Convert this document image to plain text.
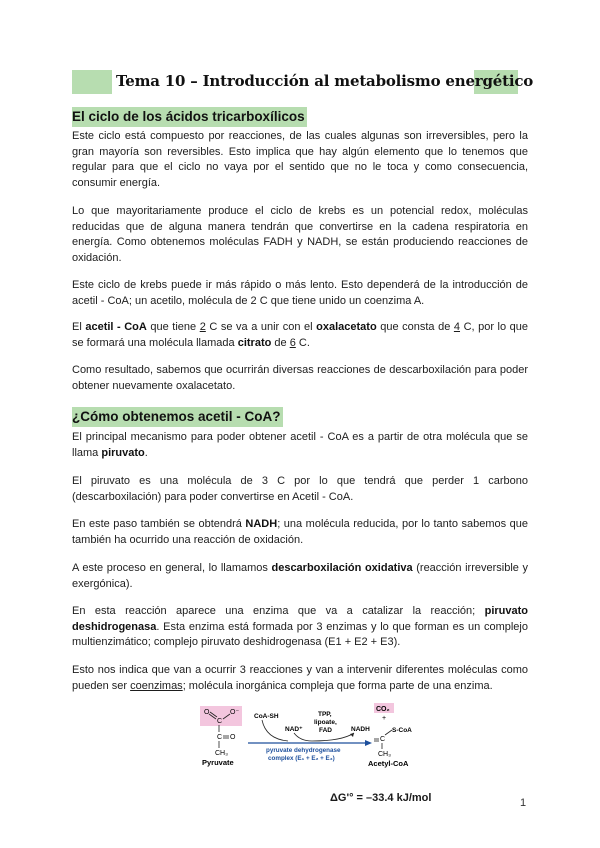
Tema 10 – Introducción al metabolismo energético
El ciclo de los ácidos tricarboxílicos
Este ciclo está compuesto por reacciones, de las cuales algunas son irreversibles, pero la gran mayoría son reversibles. Esto implica que hay algún elemento que lo tenemos que regular para que el ciclo no vaya por el sentido que no le toca y como consecuencia, consumir energía.
Lo que mayoritariamente produce el ciclo de krebs es un potencial redox, moléculas reducidas que de alguna manera tendrán que convertirse en la cadena respiratoria en energía. Como obtenemos moléculas FADH y NADH, se están produciendo reacciones de oxidación.
Este ciclo de krebs puede ir más rápido o más lento. Esto dependerá de la introducción de acetil - CoA; un acetilo, molécula de 2 C que tiene unido un coenzima A.
El acetil - CoA que tiene 2 C se va a unir con el oxalacetato que consta de 4 C, por lo que se formará una molécula llamada citrato de 6 C.
Como resultado, sabemos que ocurrirán diversas reacciones de descarboxilación para poder obtener nuevamente oxalacetato.
¿Cómo obtenemos acetil - CoA?
El principal mecanismo para poder obtener acetil - CoA es a partir de otra molécula que se llama piruvato.
El piruvato es una molécula de 3 C por lo que tendrá que perder 1 carbono (descarboxilación) para poder convertirse en Acetil - CoA.
En este paso también se obtendrá NADH; una molécula reducida, por lo tanto sabemos que también ha ocurrido una reacción de oxidación.
A este proceso en general, lo llamamos descarboxilación oxidativa (reacción irreversible y exergónica).
En esta reacción aparece una enzima que va a catalizar la reacción; piruvato deshidrogenasa. Esta enzima está formada por 3 enzimas y lo que forman es un complejo multienzimático; complejo piruvato deshidrogenasa (E1 + E2 + E3).
Esto nos indica que van a ocurrir 3 reacciones y van a intervenir diferentes moléculas como pueden ser coenzimas; molécula inorgánica compleja que forma parte de una enzima.
O	O⁻
C
C O
CH₃
Pyruvate
CoA-SH
NAD⁺
TPP,
lipoate,
FAD	NADH
pyruvate dehydrogenase
complex (E₁ + E₂ + E₃)
CO₂
+
S-CoA
C
CH₃
Acetyl-CoA
ΔG'° = –33.4 kJ/mol	1
